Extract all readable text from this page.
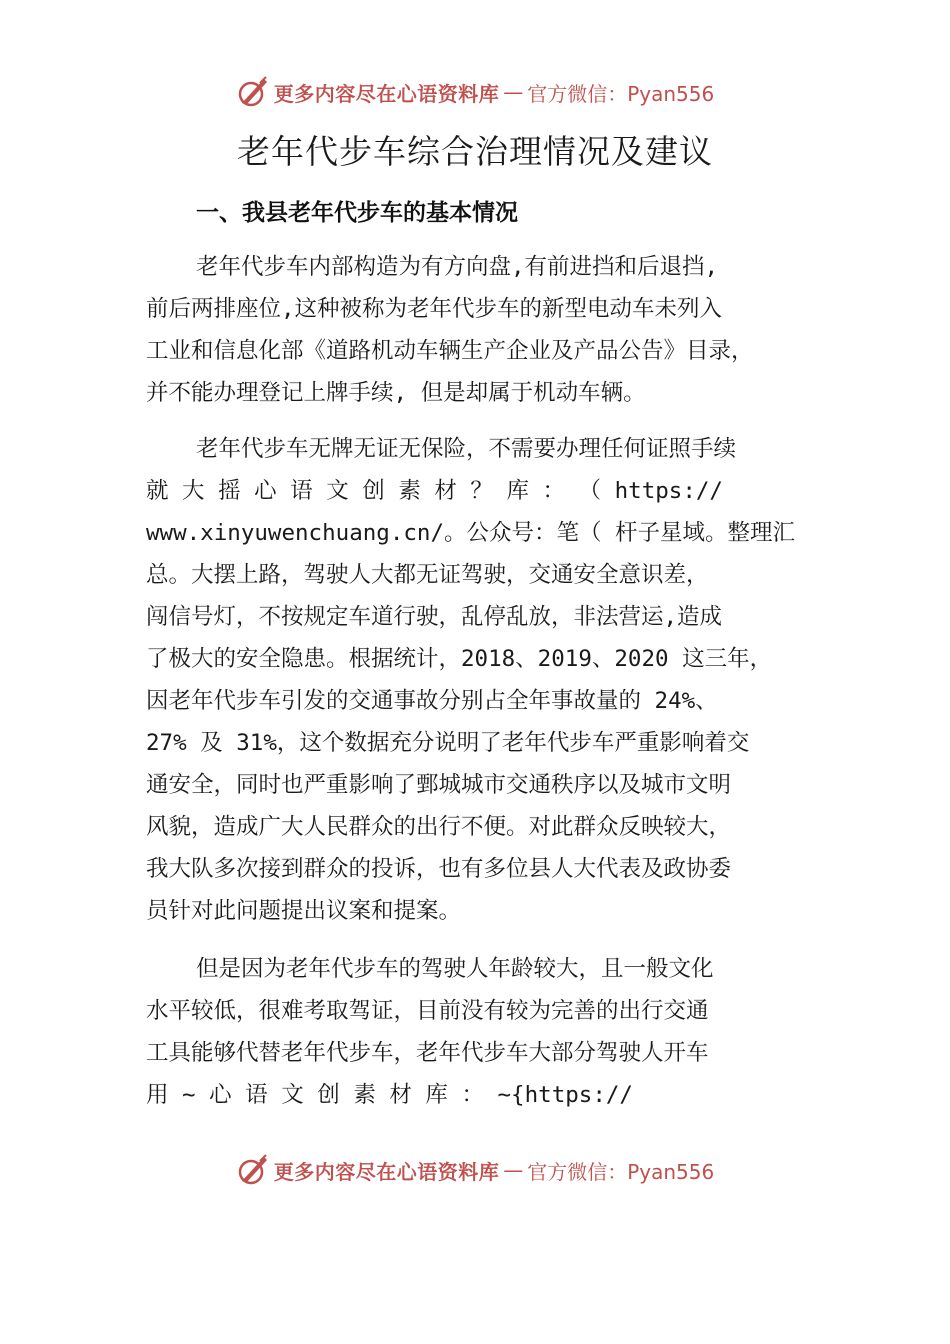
更多内容尽在心语资料库 — 官方微信：Pyan556
老年代步车综合治理情况及建议
一、我县老年代步车的基本情况
老年代步车内部构造为有方向盘,有前进挡和后退挡,
前后两排座位,这种被称为老年代步车的新型电动车未列入
工业和信息化部《道路机动车辆生产企业及产品公告》目录，
并不能办理登记上牌手续, 但是却属于机动车辆。
老年代步车无牌无证无保险，不需要办理任何证照手续
就 大 摇 心 语 文 创 素 材 ？ 库 ： （ https://
www.xinyuwenchuang.cn/。公众号：笔（ 杆子星域。整理汇
总。大摆上路，驾驶人大都无证驾驶，交通安全意识差，
闯信号灯，不按规定车道行驶，乱停乱放，非法营运,造成
了极大的安全隐患。根据统计，2018、2019、2020 这三年，
因老年代步车引发的交通事故分别占全年事故量的 24%、
27% 及 31%，这个数据充分说明了老年代步车严重影响着交
通安全，同时也严重影响了鄄城城市交通秩序以及城市文明
风貌，造成广大人民群众的出行不便。对此群众反映较大，
我大队多次接到群众的投诉，也有多位县人大代表及政协委
员针对此问题提出议案和提案。
但是因为老年代步车的驾驶人年龄较大，且一般文化
水平较低，很难考取驾证，目前没有较为完善的出行交通
工具能够代替老年代步车，老年代步车大部分驾驶人开车
用 ~ 心 语 文 创 素 材 库 ： ~{https://
更多内容尽在心语资料库 — 官方微信：Pyan556
